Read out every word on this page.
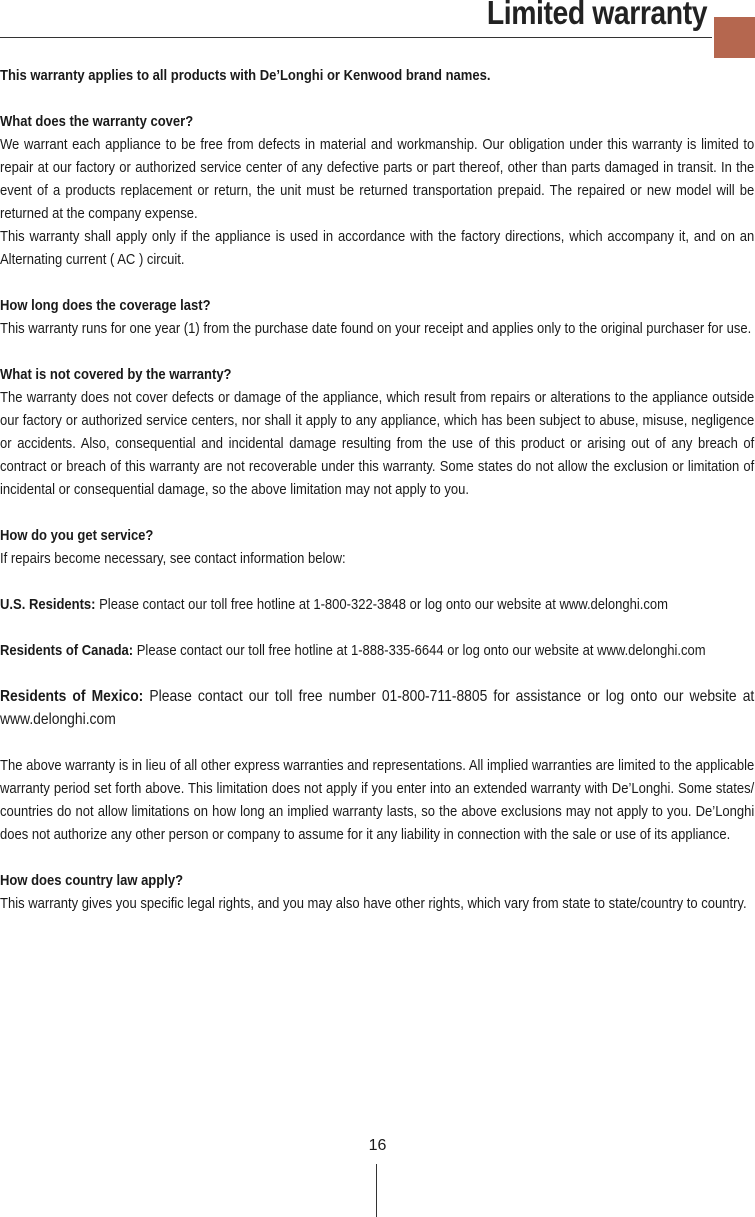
Limited warranty

This warranty applies to all products with De’Longhi or Kenwood brand names.

What does the warranty cover?

We warrant each appliance to be free from defects in material and workmanship. Our obligation under this warranty is limited to repair at our factory or authorized service center of any defective parts or part thereof, other than parts damaged in transit. In the event of a products replacement or return, the unit must be returned transportation prepaid. The repaired or new model will be returned at the company expense.

This warranty shall apply only if the appliance is used in accordance with the factory directions, which accompany it, and on an Alternating current ( AC ) circuit.

How long does the coverage last?

This warranty runs for one year (1) from the purchase date found on your receipt and applies only to the original purchaser for use.

What is not covered by the warranty?

The warranty does not cover defects or damage of the appliance, which result from repairs or alterations to the appliance outside our factory or authorized service centers, nor shall it apply to any appliance, which has been subject to abuse, misuse, negligence or accidents. Also, consequential and incidental damage resulting from the use of this product or arising out of any breach of contract or breach of this warranty are not recoverable under this warranty. Some states do not allow the exclusion or limitation of incidental or consequential damage, so the above limitation may not apply to you.

How do you get service?

If repairs become necessary, see contact information below:

U.S. Residents: Please contact our toll free hotline at 1-800-322-3848 or log onto our website at www.delonghi.com

Residents of Canada: Please contact our toll free hotline at 1-888-335-6644 or log onto our website at www.delonghi.com

Residents of Mexico: Please contact our toll free number 01-800-711-8805 for assistance or log onto our website at www.delonghi.com

The above warranty is in lieu of all other express warranties and representations. All implied warranties are limited to the applicable warranty period set forth above. This limitation does not apply if you enter into an extended warranty with De’Longhi. Some states/ countries do not allow limitations on how long an implied warranty lasts, so the above exclusions may not apply to you. De’Longhi does not authorize any other person or company to assume for it any liability in connection with the sale or use of its appliance.

How does country law apply?

This warranty gives you speciﬁc legal rights, and you may also have other rights, which vary from state to state/country to country.

16
